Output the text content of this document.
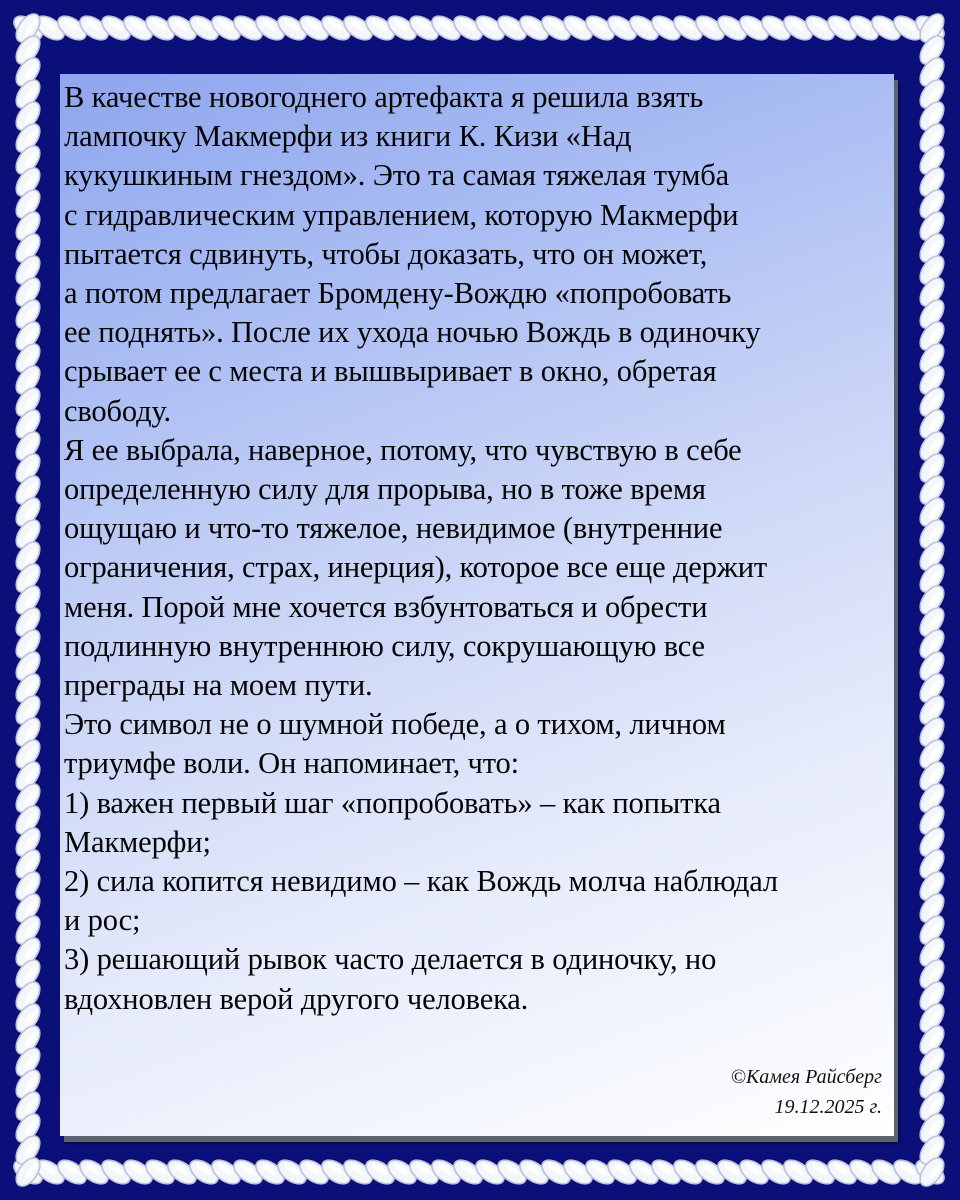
В качестве новогоднего артефакта я решила взять
лампочку Макмерфи из книги К. Кизи «Над
кукушкиным гнездом». Это та самая тяжелая тумба
с гидравлическим управлением, которую Макмерфи
пытается сдвинуть, чтобы доказать, что он может,
а потом предлагает Бромдену-Вождю «попробовать
ее поднять». После их ухода ночью Вождь в одиночку
срывает ее с места и вышвыривает в окно, обретая
свободу.
Я ее выбрала, наверное, потому, что чувствую в себе
определенную силу для прорыва, но в тоже время
ощущаю и что-то тяжелое, невидимое (внутренние
ограничения, страх, инерция), которое все еще держит
меня. Порой мне хочется взбунтоваться и обрести
подлинную внутреннюю силу, сокрушающую все
преграды на моем пути.
Это символ не о шумной победе, а о тихом, личном
триумфе воли. Он напоминает, что:
1) важен первый шаг «попробовать» – как попытка
Макмерфи;
2) сила копится невидимо – как Вождь молча наблюдал
и рос;
3) решающий рывок часто делается в одиночку, но
вдохновлен верой другого человека.
©Камея Райсберг
19.12.2025 г.
